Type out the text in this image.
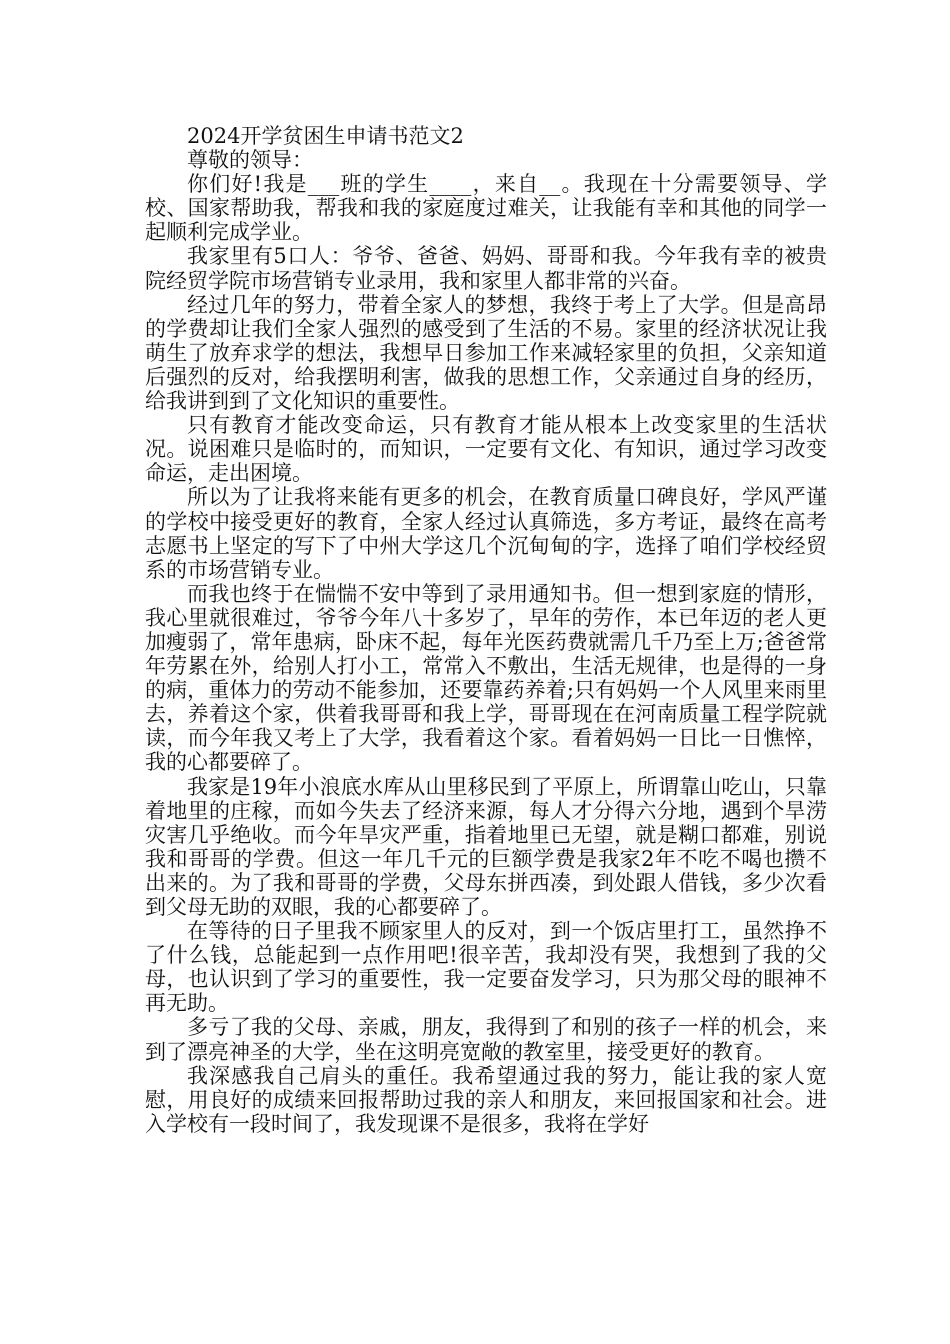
2024开学贫困生申请书范文2

尊敬的领导：

你们好!我是___班的学生____，来自__。我现在十分需要领导、学校、国家帮助我，帮我和我的家庭度过难关，让我能有幸和其他的同学一起顺利完成学业。

我家里有5口人：爷爷、爸爸、妈妈、哥哥和我。今年我有幸的被贵院经贸学院市场营销专业录用，我和家里人都非常的兴奋。

经过几年的努力，带着全家人的梦想，我终于考上了大学。但是高昂的学费却让我们全家人强烈的感受到了生活的不易。家里的经济状况让我萌生了放弃求学的想法，我想早日参加工作来减轻家里的负担，父亲知道后强烈的反对，给我摆明利害，做我的思想工作，父亲通过自身的经历，给我讲到到了文化知识的重要性。

只有教育才能改变命运，只有教育才能从根本上改变家里的生活状况。说困难只是临时的，而知识，一定要有文化、有知识，通过学习改变命运，走出困境。

所以为了让我将来能有更多的机会，在教育质量口碑良好，学风严谨的学校中接受更好的教育，全家人经过认真筛选，多方考证，最终在高考志愿书上坚定的写下了中州大学这几个沉甸甸的字，选择了咱们学校经贸系的市场营销专业。

而我也终于在惴惴不安中等到了录用通知书。但一想到家庭的情形，我心里就很难过，爷爷今年八十多岁了，早年的劳作，本已年迈的老人更加瘦弱了，常年患病，卧床不起，每年光医药费就需几千乃至上万;爸爸常年劳累在外，给别人打小工，常常入不敷出，生活无规律，也是得的一身的病，重体力的劳动不能参加，还要靠药养着;只有妈妈一个人风里来雨里去，养着这个家，供着我哥哥和我上学，哥哥现在在河南质量工程学院就读，而今年我又考上了大学，我看着这个家。看着妈妈一日比一日憔悴，我的心都要碎了。

我家是19年小浪底水库从山里移民到了平原上，所谓靠山吃山，只靠着地里的庄稼，而如今失去了经济来源，每人才分得六分地，遇到个旱涝灾害几乎绝收。而今年旱灾严重，指着地里已无望，就是糊口都难，别说我和哥哥的学费。但这一年几千元的巨额学费是我家2年不吃不喝也攒不出来的。为了我和哥哥的学费，父母东拼西凑，到处跟人借钱，多少次看到父母无助的双眼，我的心都要碎了。

在等待的日子里我不顾家里人的反对，到一个饭店里打工，虽然挣不了什么钱，总能起到一点作用吧!很辛苦，我却没有哭，我想到了我的父母，也认识到了学习的重要性，我一定要奋发学习，只为那父母的眼神不再无助。

多亏了我的父母、亲戚，朋友，我得到了和别的孩子一样的机会，来到了漂亮神圣的大学，坐在这明亮宽敞的教室里，接受更好的教育。

我深感我自己肩头的重任。我希望通过我的努力，能让我的家人宽慰，用良好的成绩来回报帮助过我的亲人和朋友，来回报国家和社会。进入学校有一段时间了，我发现课不是很多，我将在学好
